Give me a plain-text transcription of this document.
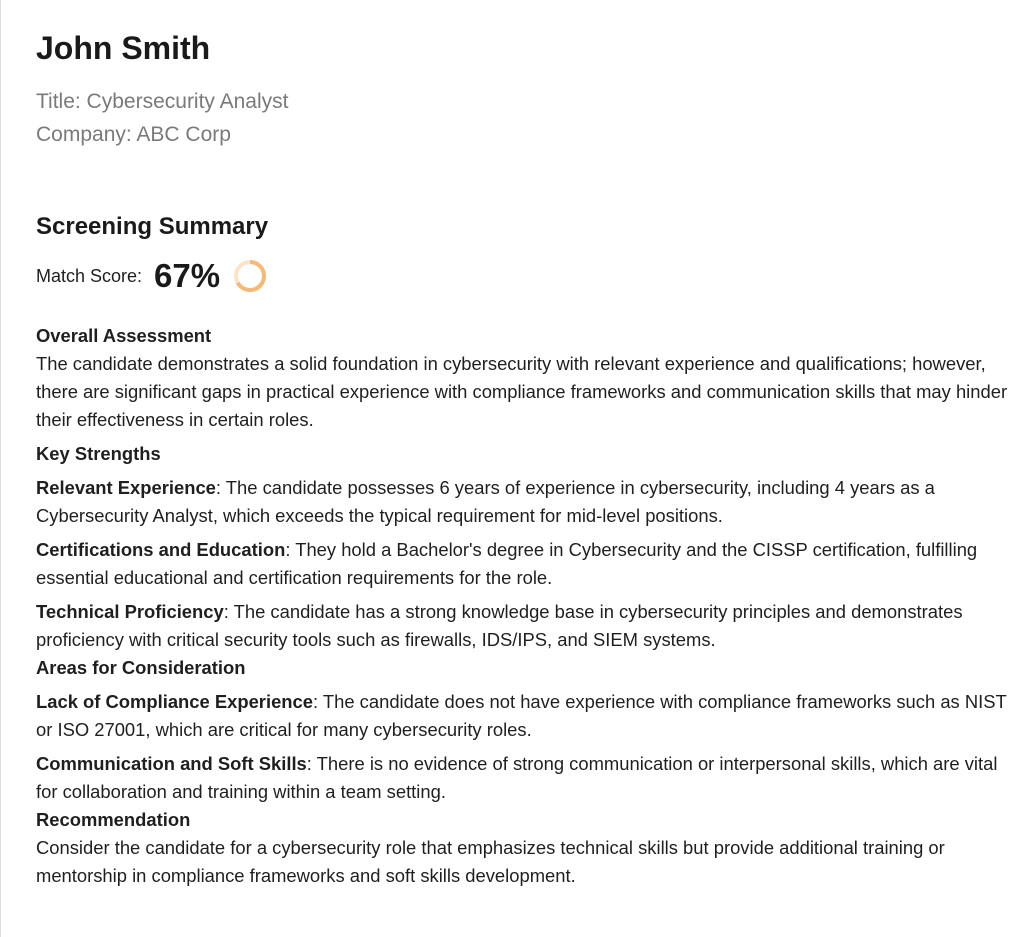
John Smith
Title: Cybersecurity Analyst
Company: ABC Corp
Screening Summary
Match Score: 67%

Overall Assessment

The candidate demonstrates a solid foundation in cybersecurity with relevant experience and qualifications; however, there are significant gaps in practical experience with compliance frameworks and communication skills that may hinder their effectiveness in certain roles.

Key Strengths

Relevant Experience: The candidate possesses 6 years of experience in cybersecurity, including 4 years as a Cybersecurity Analyst, which exceeds the typical requirement for mid-level positions.

Certifications and Education: They hold a Bachelor's degree in Cybersecurity and the CISSP certification, fulfilling essential educational and certification requirements for the role.

Technical Proficiency: The candidate has a strong knowledge base in cybersecurity principles and demonstrates proficiency with critical security tools such as firewalls, IDS/IPS, and SIEM systems.

Areas for Consideration

Lack of Compliance Experience: The candidate does not have experience with compliance frameworks such as NIST or ISO 27001, which are critical for many cybersecurity roles.

Communication and Soft Skills: There is no evidence of strong communication or interpersonal skills, which are vital for collaboration and training within a team setting.

Recommendation

Consider the candidate for a cybersecurity role that emphasizes technical skills but provide additional training or mentorship in compliance frameworks and soft skills development.
